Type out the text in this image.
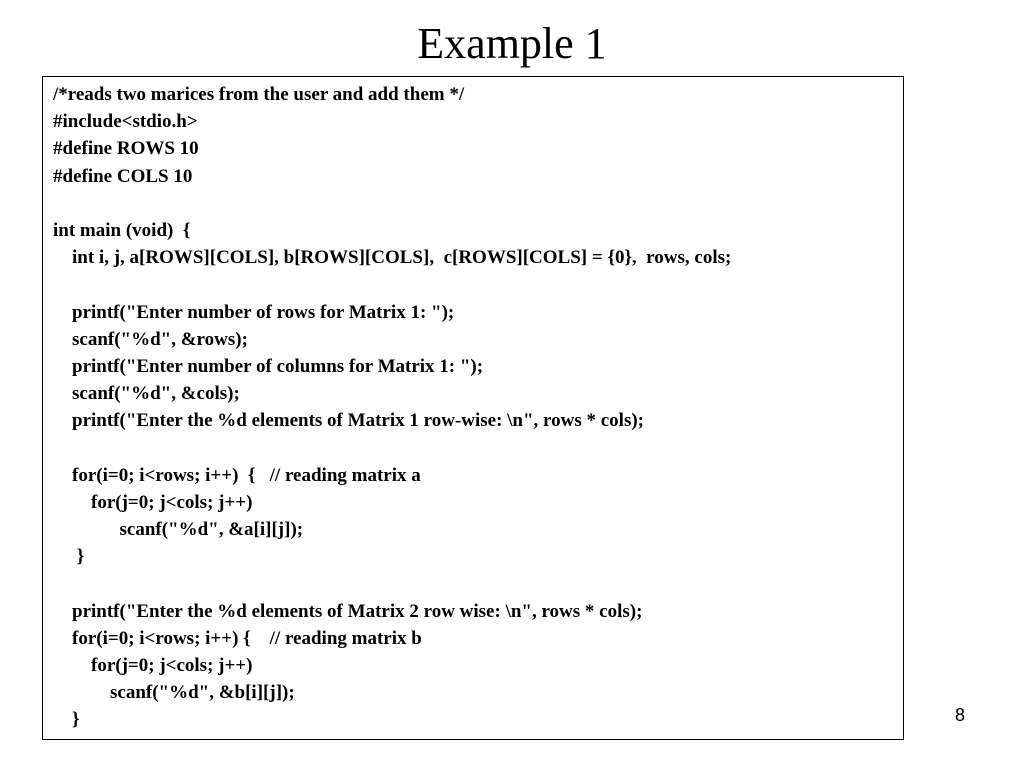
Example 1
/*reads two marices from the user and add them */
#include<stdio.h>
#define ROWS 10
#define COLS 10
int main (void)  {
int i, j, a[ROWS][COLS], b[ROWS][COLS],  c[ROWS][COLS] = {0},  rows, cols;
printf("Enter number of rows for Matrix 1: ");
scanf("%d", &rows);
printf("Enter number of columns for Matrix 1: ");
scanf("%d", &cols);
printf("Enter the %d elements of Matrix 1 row-wise: \n", rows * cols);
for(i=0; i<rows; i++)  {   // reading matrix a
for(j=0; j<cols; j++)
scanf("%d", &a[i][j]);
}
printf("Enter the %d elements of Matrix 2 row wise: \n", rows * cols);
for(i=0; i<rows; i++) {    // reading matrix b
for(j=0; j<cols; j++)
scanf("%d", &b[i][j]);
}	8
